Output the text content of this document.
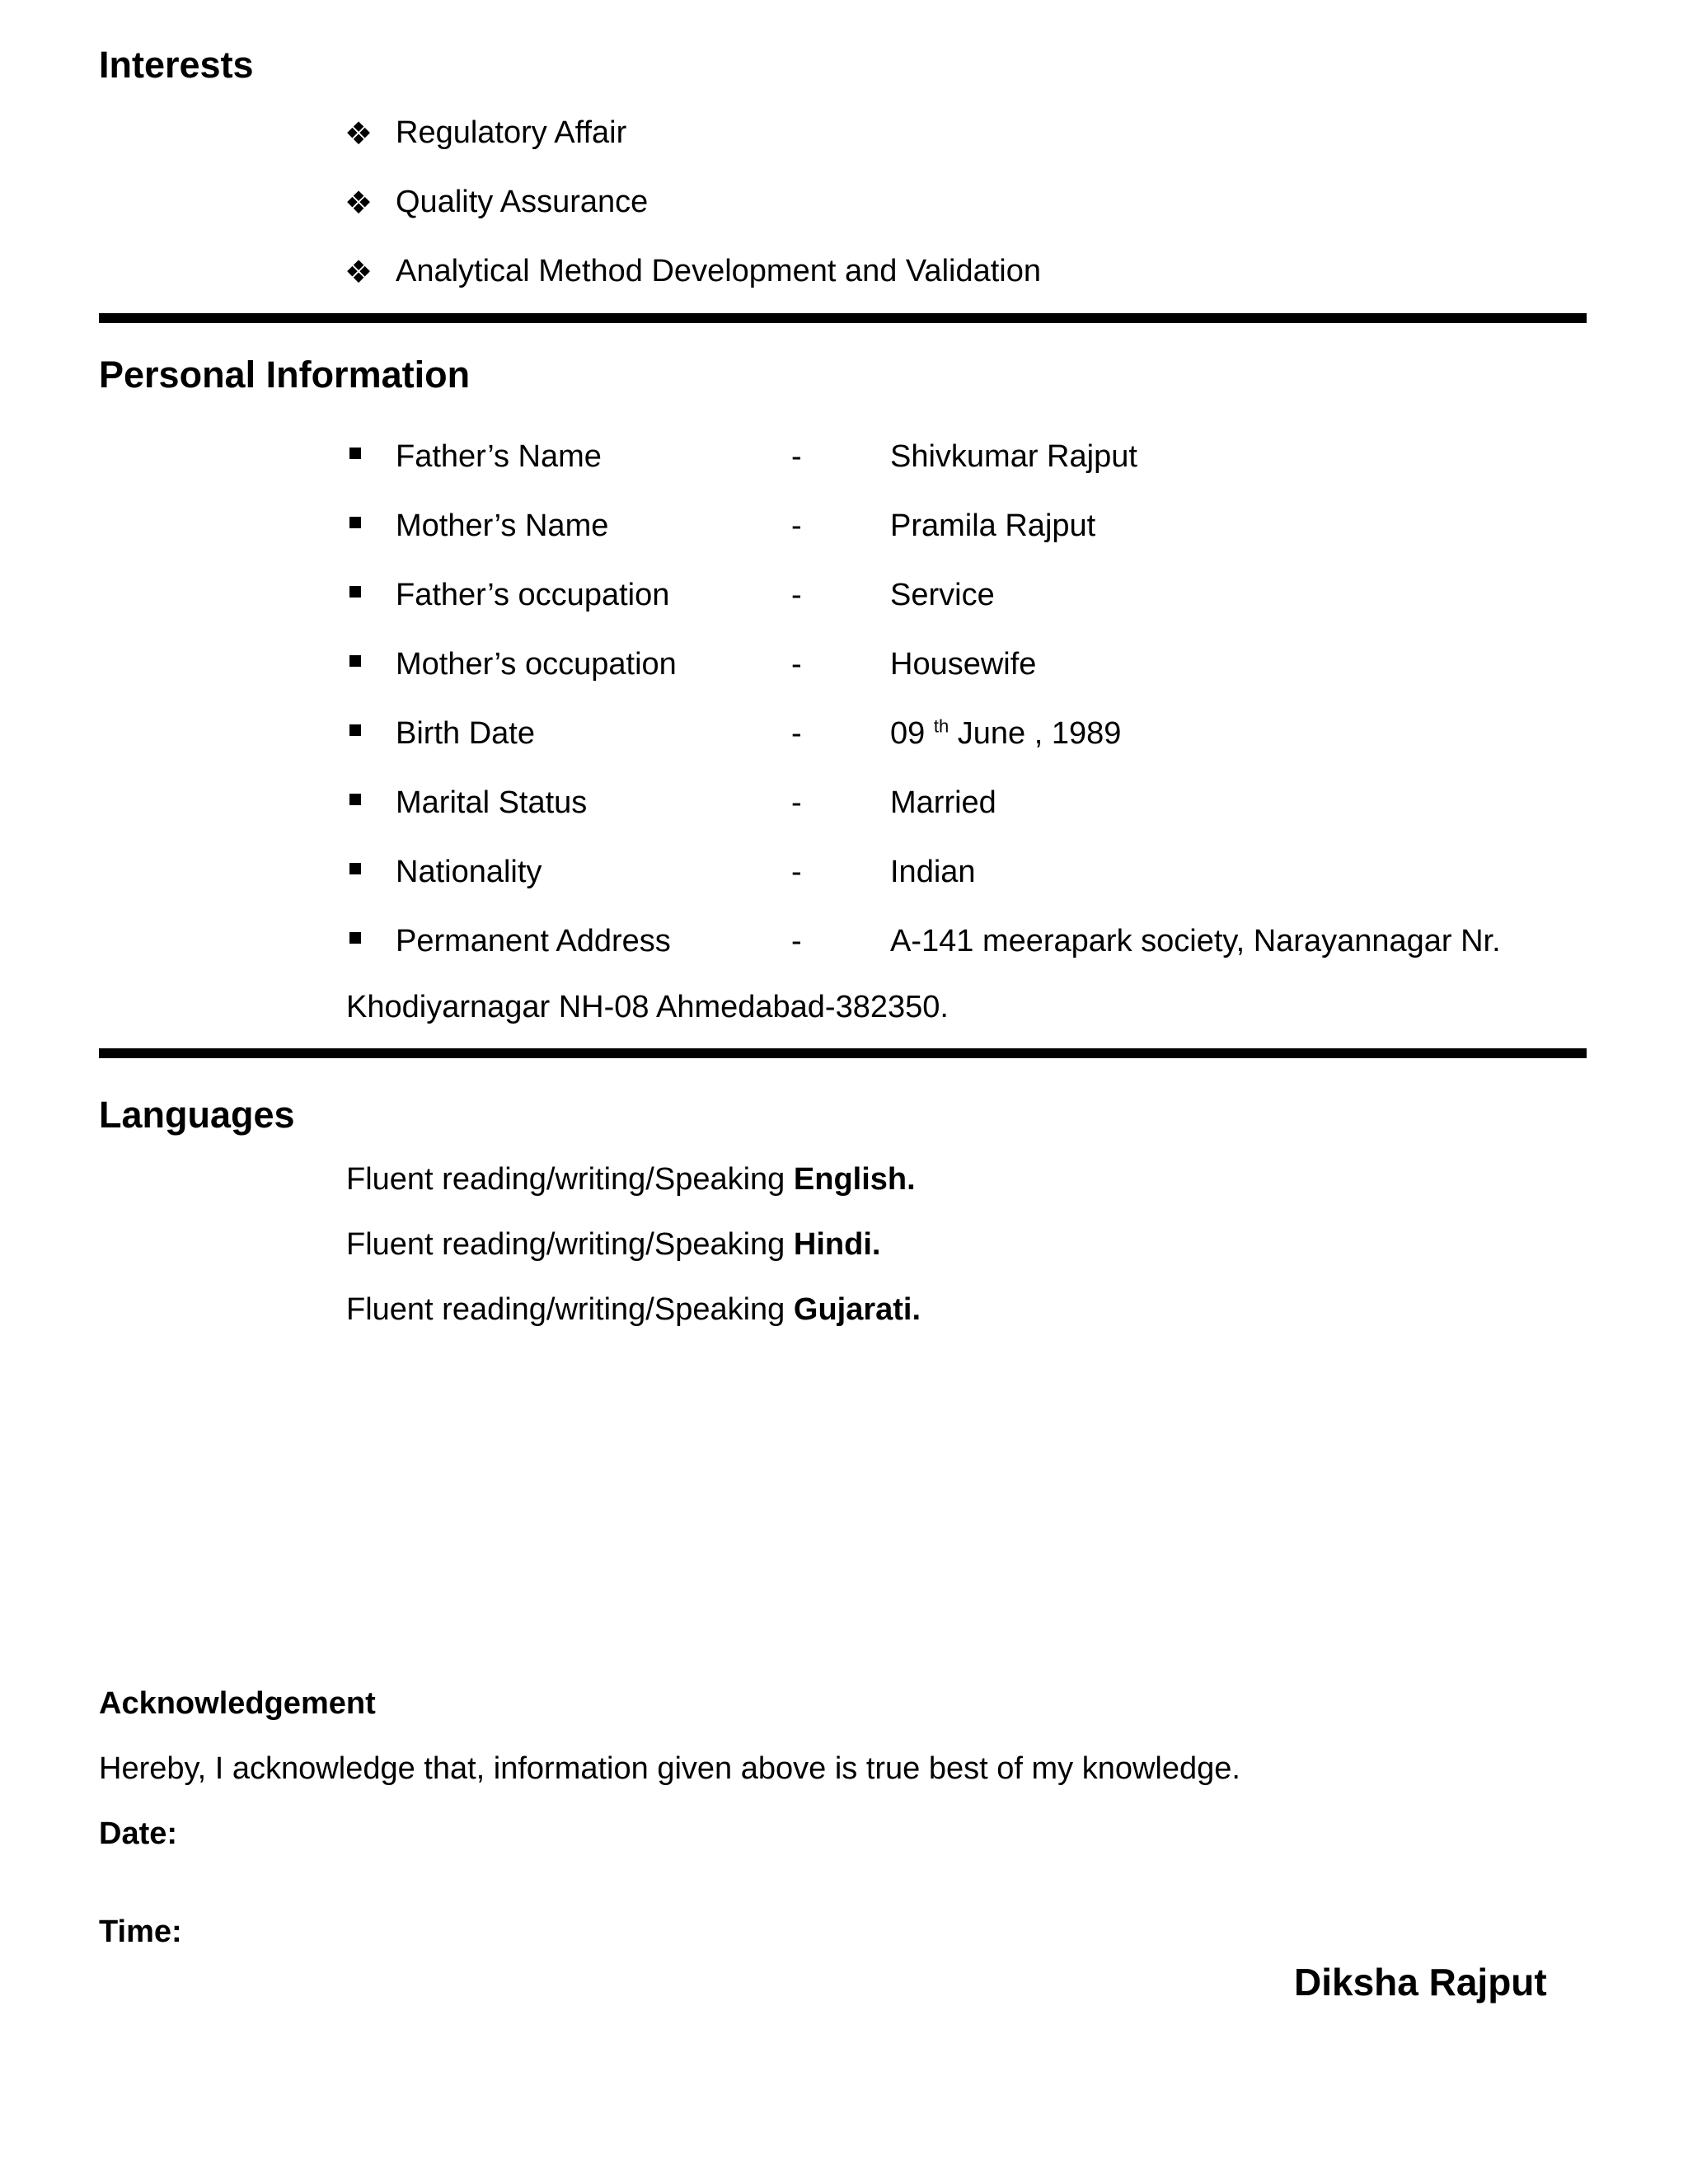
Interests
❖ Regulatory Affair
❖ Quality Assurance
❖ Analytical Method Development and Validation
Personal Information
Father’s Name	-	Shivkumar Rajput
Mother’s Name	-	Pramila Rajput
Father’s occupation	-	Service
Mother’s occupation	-	Housewife
Birth Date	-	09 $^{th}$ June , 1989
Marital Status	-	Married
Nationality	-	Indian
Permanent Address	-	A-141 meerapark society, Narayannagar Nr.
Khodiyarnagar NH-08 Ahmedabad-382350.
Languages
Fluent reading/writing/Speaking English.
Fluent reading/writing/Speaking Hindi.
Fluent reading/writing/Speaking Gujarati.
Acknowledgement
Hereby, I acknowledge that, information given above is true best of my knowledge.
Date:
Time:
Diksha Rajput
